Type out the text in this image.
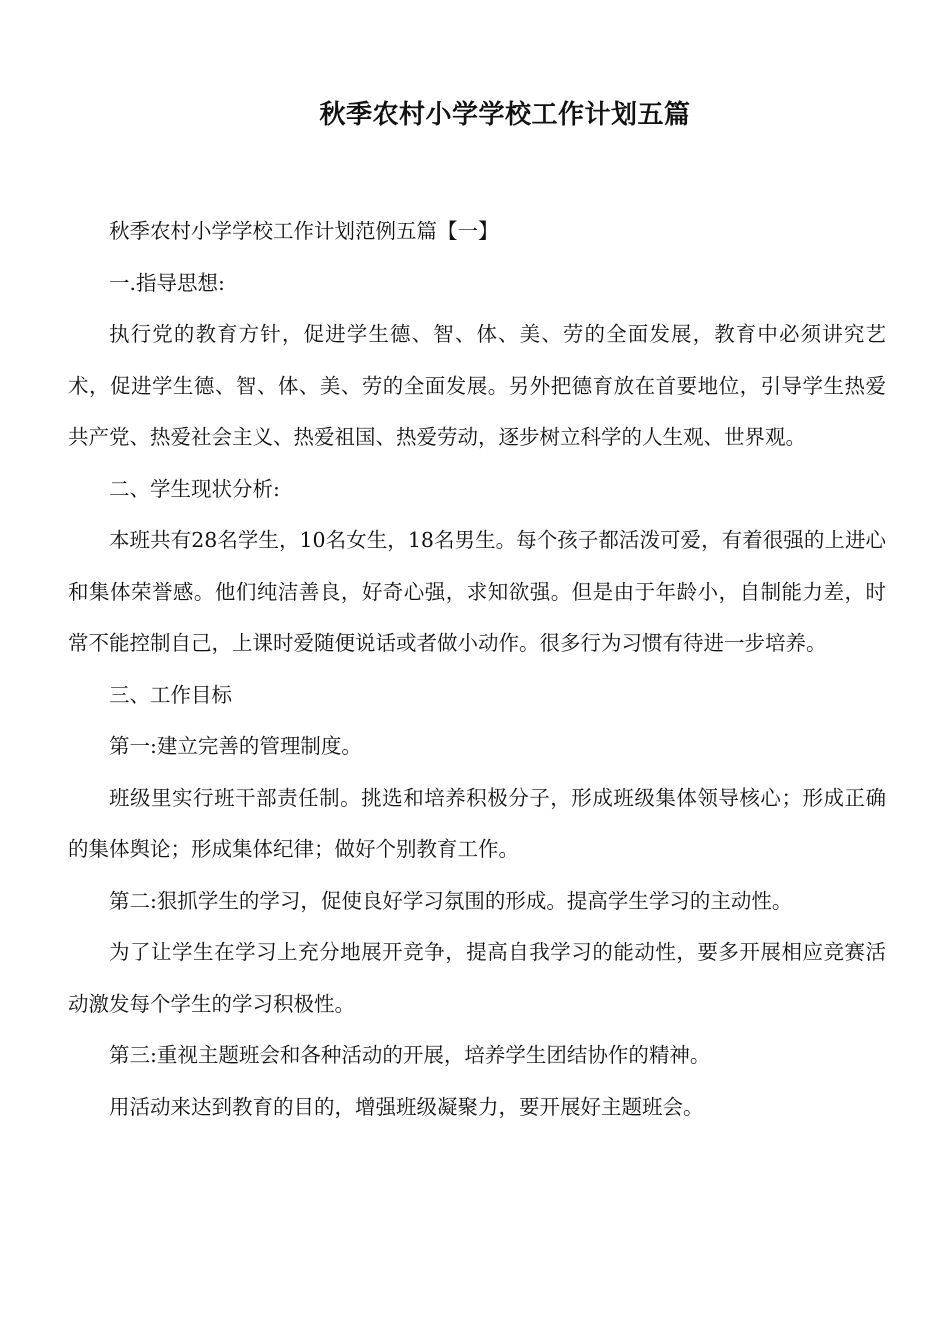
秋季农村小学学校工作计划五篇

秋季农村小学学校工作计划范例五篇【一】

一.指导思想:

执行党的教育方针，促进学生德、智、体、美、劳的全面发展，教育中必须讲究艺术，促进学生德、智、体、美、劳的全面发展。另外把德育放在首要地位，引导学生热爱共产党、热爱社会主义、热爱祖国、热爱劳动，逐步树立科学的人生观、世界观。

二、学生现状分析:

本班共有28名学生，10名女生，18名男生。每个孩子都活泼可爱，有着很强的上进心和集体荣誉感。他们纯洁善良，好奇心强，求知欲强。但是由于年龄小，自制能力差，时常不能控制自己，上课时爱随便说话或者做小动作。很多行为习惯有待进一步培养。

三、工作目标

第一:建立完善的管理制度。

班级里实行班干部责任制。挑选和培养积极分子，形成班级集体领导核心；形成正确的集体舆论；形成集体纪律；做好个别教育工作。

第二:狠抓学生的学习，促使良好学习氛围的形成。提高学生学习的主动性。

为了让学生在学习上充分地展开竞争，提高自我学习的能动性，要多开展相应竞赛活动激发每个学生的学习积极性。

第三:重视主题班会和各种活动的开展，培养学生团结协作的精神。

用活动来达到教育的目的，增强班级凝聚力，要开展好主题班会。
